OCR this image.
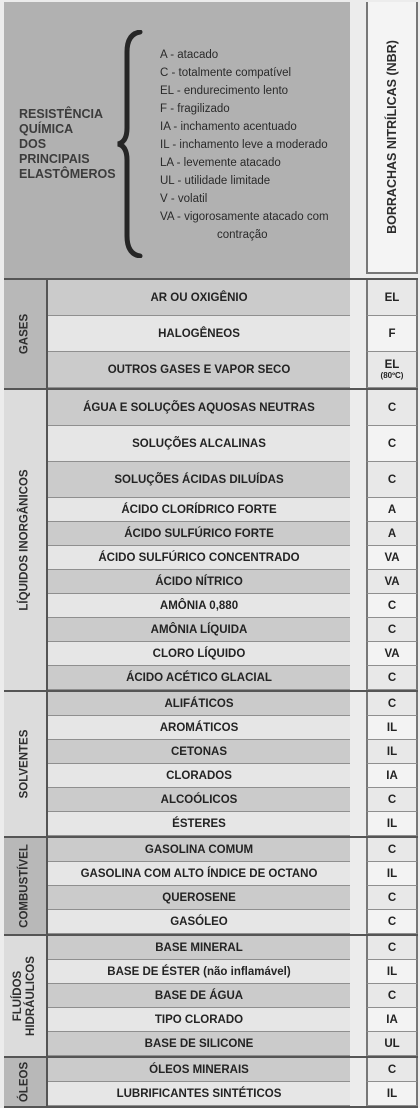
RESISTÊNCIA
QUÍMICA
DOS
PRINCIPAIS
ELASTÔMEROS
A - atacado
C - totalmente compatível
EL - endurecimento lento
F - fragilizado
IA - inchamento acentuado
IL - inchamento leve a moderado
LA - levemente atacado
UL - utilidade limitade
V - volatil
VA - vigorosamente atacado com
contração
BORRACHAS NITRÍLICAS (NBR)
AR OU OXIGÊNIO	EL
HALOGÊNEOS	F
OUTROS GASES E VAPOR SECO	EL
(80ºC)
GASES
ÁGUA E SOLUÇÕES AQUOSAS NEUTRAS	C
SOLUÇÕES ALCALINAS	C
SOLUÇÕES ÁCIDAS DILUÍDAS	C
ÁCIDO CLORÍDRICO FORTE	A
ÁCIDO SULFÚRICO FORTE	A
ÁCIDO SULFÚRICO CONCENTRADO	VA
ÁCIDO NÍTRICO	VA
AMÔNIA 0,880	C
AMÔNIA LÍQUIDA	C
CLORO LÍQUIDO	VA
ÁCIDO ACÉTICO GLACIAL	C
LÍQUIDOS INORGÂNICOS
ALIFÁTICOS	C
AROMÁTICOS	IL
CETONAS	IL
CLORADOS	IA
ALCOÓLICOS	C
ÉSTERES	IL
SOLVENTES
GASOLINA COMUM	C
GASOLINA COM ALTO ÍNDICE DE OCTANO	IL
QUEROSENE	C
GASÓLEO	C
COMBUSTÍVEL
BASE MINERAL	C
BASE DE ÉSTER (não inflamável)	IL
BASE DE ÁGUA	C
TIPO CLORADO	IA
BASE DE SILICONE	UL
FLUÍDOS HIDRÁULICOS
ÓLEOS MINERAIS	C
LUBRIFICANTES SINTÉTICOS	IL
ÓLEOS
